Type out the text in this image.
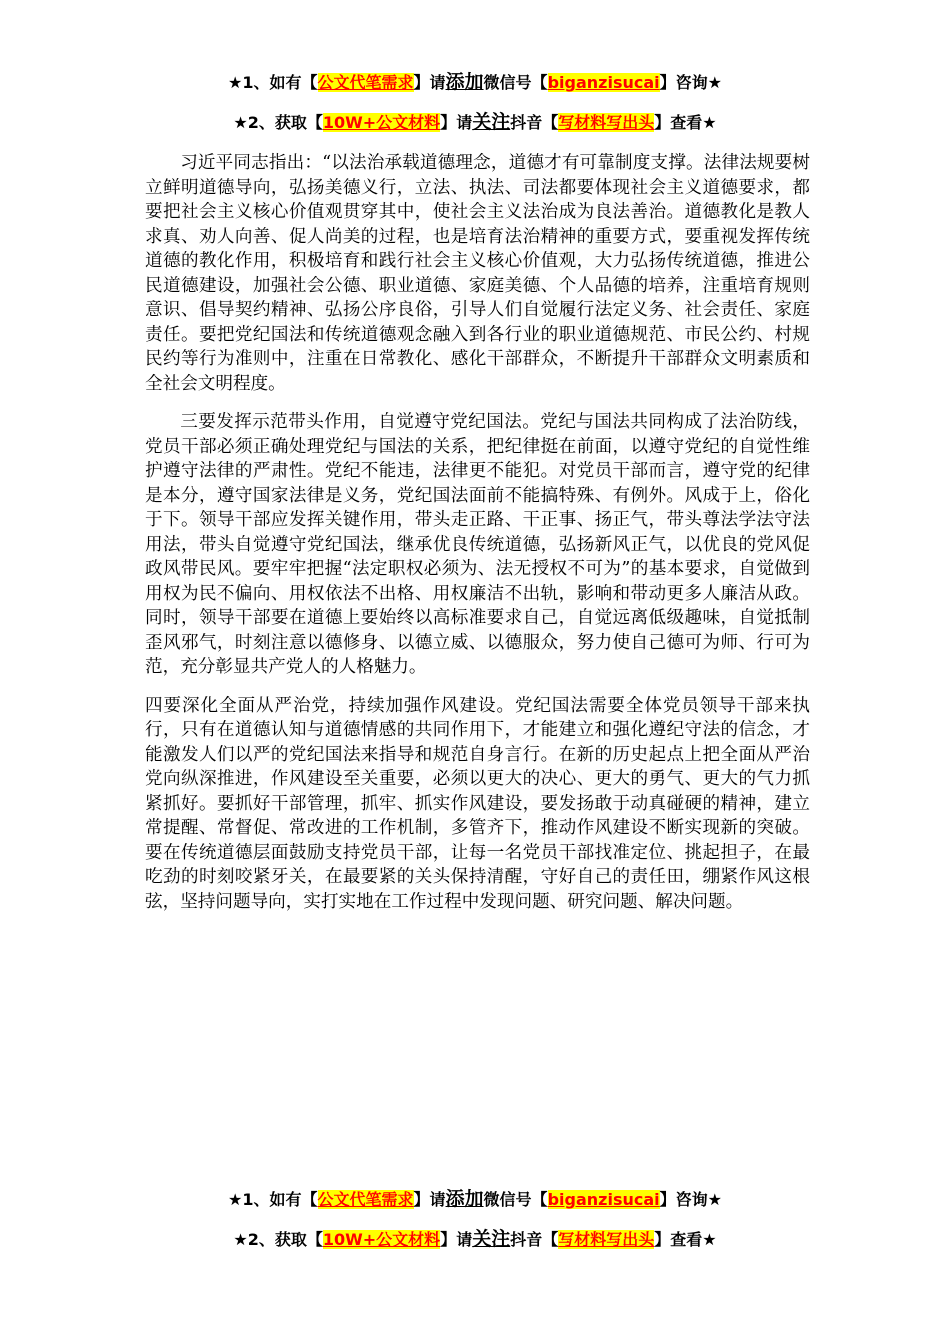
★1、如有【公文代笔需求】请添加微信号【biganzisucai】咨询★
★2、获取【10W+公文材料】请关注抖音【写材料写出头】查看★

习近平同志指出：“以法治承载道德理念，道德才有可靠制度支撑。法律法规要树立鲜明道德导向，弘扬美德义行，立法、执法、司法都要体现社会主义道德要求，都要把社会主义核心价值观贯穿其中，使社会主义法治成为良法善治。道德教化是教人求真、劝人向善、促人尚美的过程，也是培育法治精神的重要方式，要重视发挥传统道德的教化作用，积极培育和践行社会主义核心价值观，大力弘扬传统道德，推进公民道德建设，加强社会公德、职业道德、家庭美德、个人品德的培养，注重培育规则意识、倡导契约精神、弘扬公序良俗，引导人们自觉履行法定义务、社会责任、家庭责任。要把党纪国法和传统道德观念融入到各行业的职业道德规范、市民公约、村规民约等行为准则中，注重在日常教化、感化干部群众，不断提升干部群众文明素质和全社会文明程度。

三要发挥示范带头作用，自觉遵守党纪国法。党纪与国法共同构成了法治防线，党员干部必须正确处理党纪与国法的关系，把纪律挺在前面，以遵守党纪的自觉性维护遵守法律的严肃性。党纪不能违，法律更不能犯。对党员干部而言，遵守党的纪律是本分，遵守国家法律是义务，党纪国法面前不能搞特殊、有例外。风成于上，俗化于下。领导干部应发挥关键作用，带头走正路、干正事、扬正气，带头尊法学法守法用法，带头自觉遵守党纪国法，继承优良传统道德，弘扬新风正气，以优良的党风促政风带民风。要牢牢把握“法定职权必须为、法无授权不可为”的基本要求，自觉做到用权为民不偏向、用权依法不出格、用权廉洁不出轨，影响和带动更多人廉洁从政。同时，领导干部要在道德上要始终以高标准要求自己，自觉远离低级趣味，自觉抵制歪风邪气，时刻注意以德修身、以德立威、以德服众，努力使自己德可为师、行可为范，充分彰显共产党人的人格魅力。

四要深化全面从严治党，持续加强作风建设。党纪国法需要全体党员领导干部来执行，只有在道德认知与道德情感的共同作用下，才能建立和强化遵纪守法的信念，才能激发人们以严的党纪国法来指导和规范自身言行。在新的历史起点上把全面从严治党向纵深推进，作风建设至关重要，必须以更大的决心、更大的勇气、更大的气力抓紧抓好。要抓好干部管理，抓牢、抓实作风建设，要发扬敢于动真碰硬的精神，建立常提醒、常督促、常改进的工作机制，多管齐下，推动作风建设不断实现新的突破。要在传统道德层面鼓励支持党员干部，让每一名党员干部找准定位、挑起担子，在最吃劲的时刻咬紧牙关，在最要紧的关头保持清醒，守好自己的责任田，绷紧作风这根弦，坚持问题导向，实打实地在工作过程中发现问题、研究问题、解决问题。

★1、如有【公文代笔需求】请添加微信号【biganzisucai】咨询★
★2、获取【10W+公文材料】请关注抖音【写材料写出头】查看★
